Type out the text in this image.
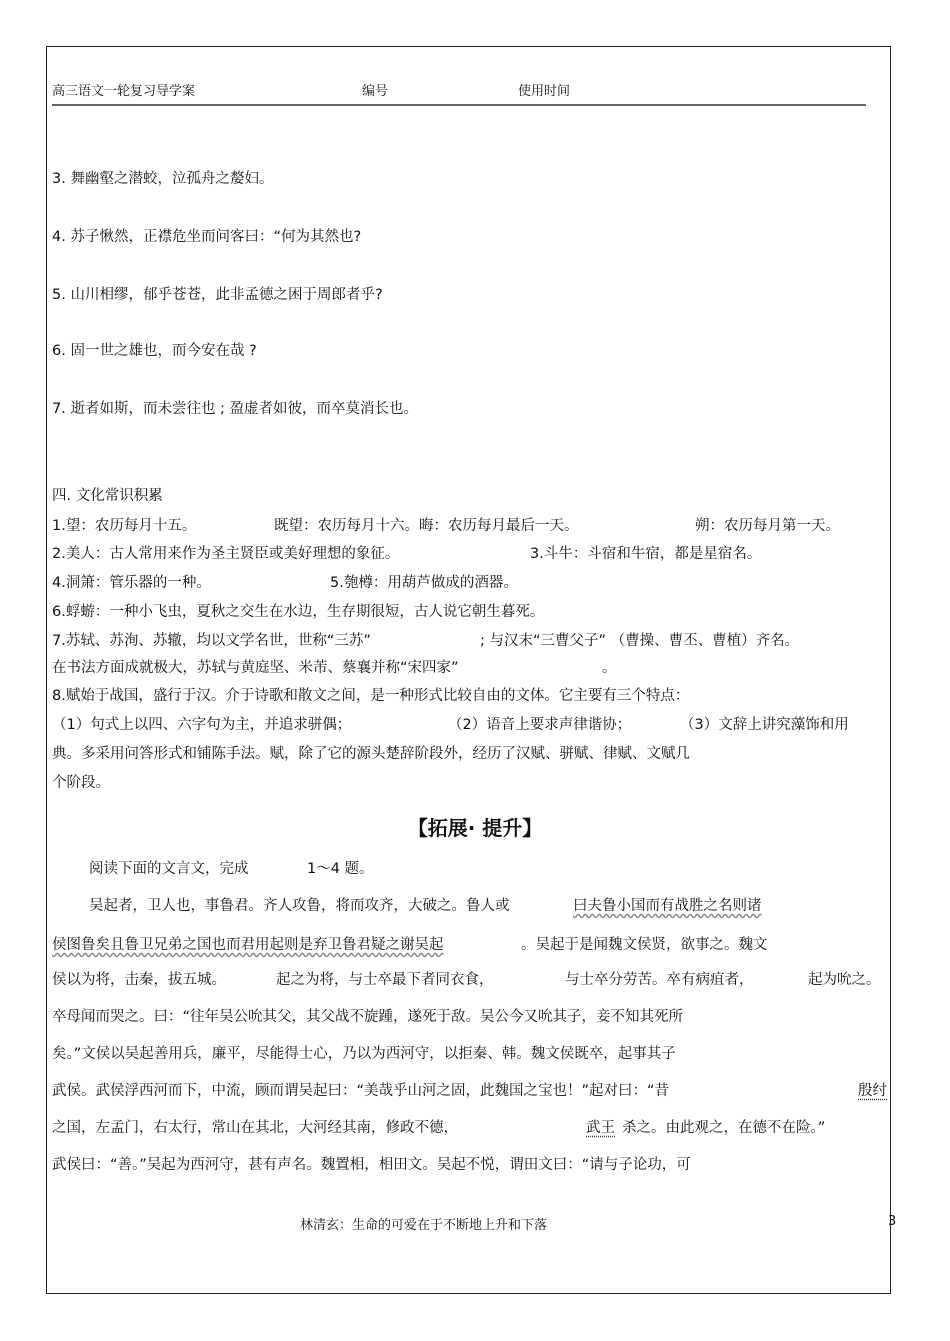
高三语文一轮复习导学案	编号	使用时间
3. 舞幽壑之潜蛟，泣孤舟之嫠妇。
4. 苏子愀然，正襟危坐而问客曰：“何为其然也?
5. 山川相缪，郁乎苍苍，此非孟德之困于周郎者乎?
6. 固一世之雄也，而今安在哉 ?
7. 逝者如斯，而未尝往也 ; 盈虚者如彼，而卒莫消长也。
四. 文化常识积累
1.望：农历每月十五。	既望：农历每月十六。晦：农历每月最后一天。	朔：农历每月第一天。
2.美人：古人常用来作为圣主贤臣或美好理想的象征。	3.斗牛：斗宿和牛宿，都是星宿名。
4.洞箫：管乐器的一种。	5.匏樽：用葫芦做成的酒器。
6.蜉蝣：一种小飞虫，夏秋之交生在水边，生存期很短，古人说它朝生暮死。
7.苏轼、苏洵、苏辙，均以文学名世，世称“三苏”	; 与汉末“三曹父子” （曹操、曹丕、曹植）齐名。
在书法方面成就极大，苏轼与黄庭坚、米芾、蔡襄并称“宋四家”	。
8.赋始于战国，盛行于汉。介于诗歌和散文之间，是一种形式比较自由的文体。它主要有三个特点：
（1）句式上以四、六字句为主，并追求骈偶；	（2）语音上要求声律谐协；	（3）文辞上讲究藻饰和用
典。多采用问答形式和铺陈手法。赋，除了它的源头楚辞阶段外，经历了汉赋、骈赋、律赋、文赋几
个阶段。
【拓展· 提升】
阅读下面的文言文，完成	1～4 题。
吴起者，卫人也，事鲁君。齐人攻鲁，将而攻齐，大破之。鲁人或	曰夫鲁小国而有战胜之名则诸
侯图鲁矣且鲁卫兄弟之国也而君用起则是弃卫鲁君疑之谢吴起	。吴起于是闻魏文侯贤，欲事之。魏文
侯以为将，击秦，拔五城。	起之为将，与士卒最下者同衣食，	与士卒分劳苦。卒有病疽者，	起为吮之。
卒母闻而哭之。曰：“往年吴公吮其父，其父战不旋踵，遂死于敌。吴公今又吮其子，妾不知其死所
矣。”文侯以吴起善用兵，廉平，尽能得士心，乃以为西河守，以拒秦、韩。魏文侯既卒，起事其子
武侯。武侯浮西河而下，中流，顾而谓吴起曰：“美哉乎山河之固，此魏国之宝也！”起对曰：“昔	殷纣
之国，左孟门，右太行，常山在其北，大河经其南，修政不德，	武王 杀之。由此观之，在德不在险。”
武侯曰：“善。”吴起为西河守，甚有声名。魏置相，相田文。吴起不悦，谓田文曰：“请与子论功，可
林清玄：生命的可爱在于不断地上升和下落	3
